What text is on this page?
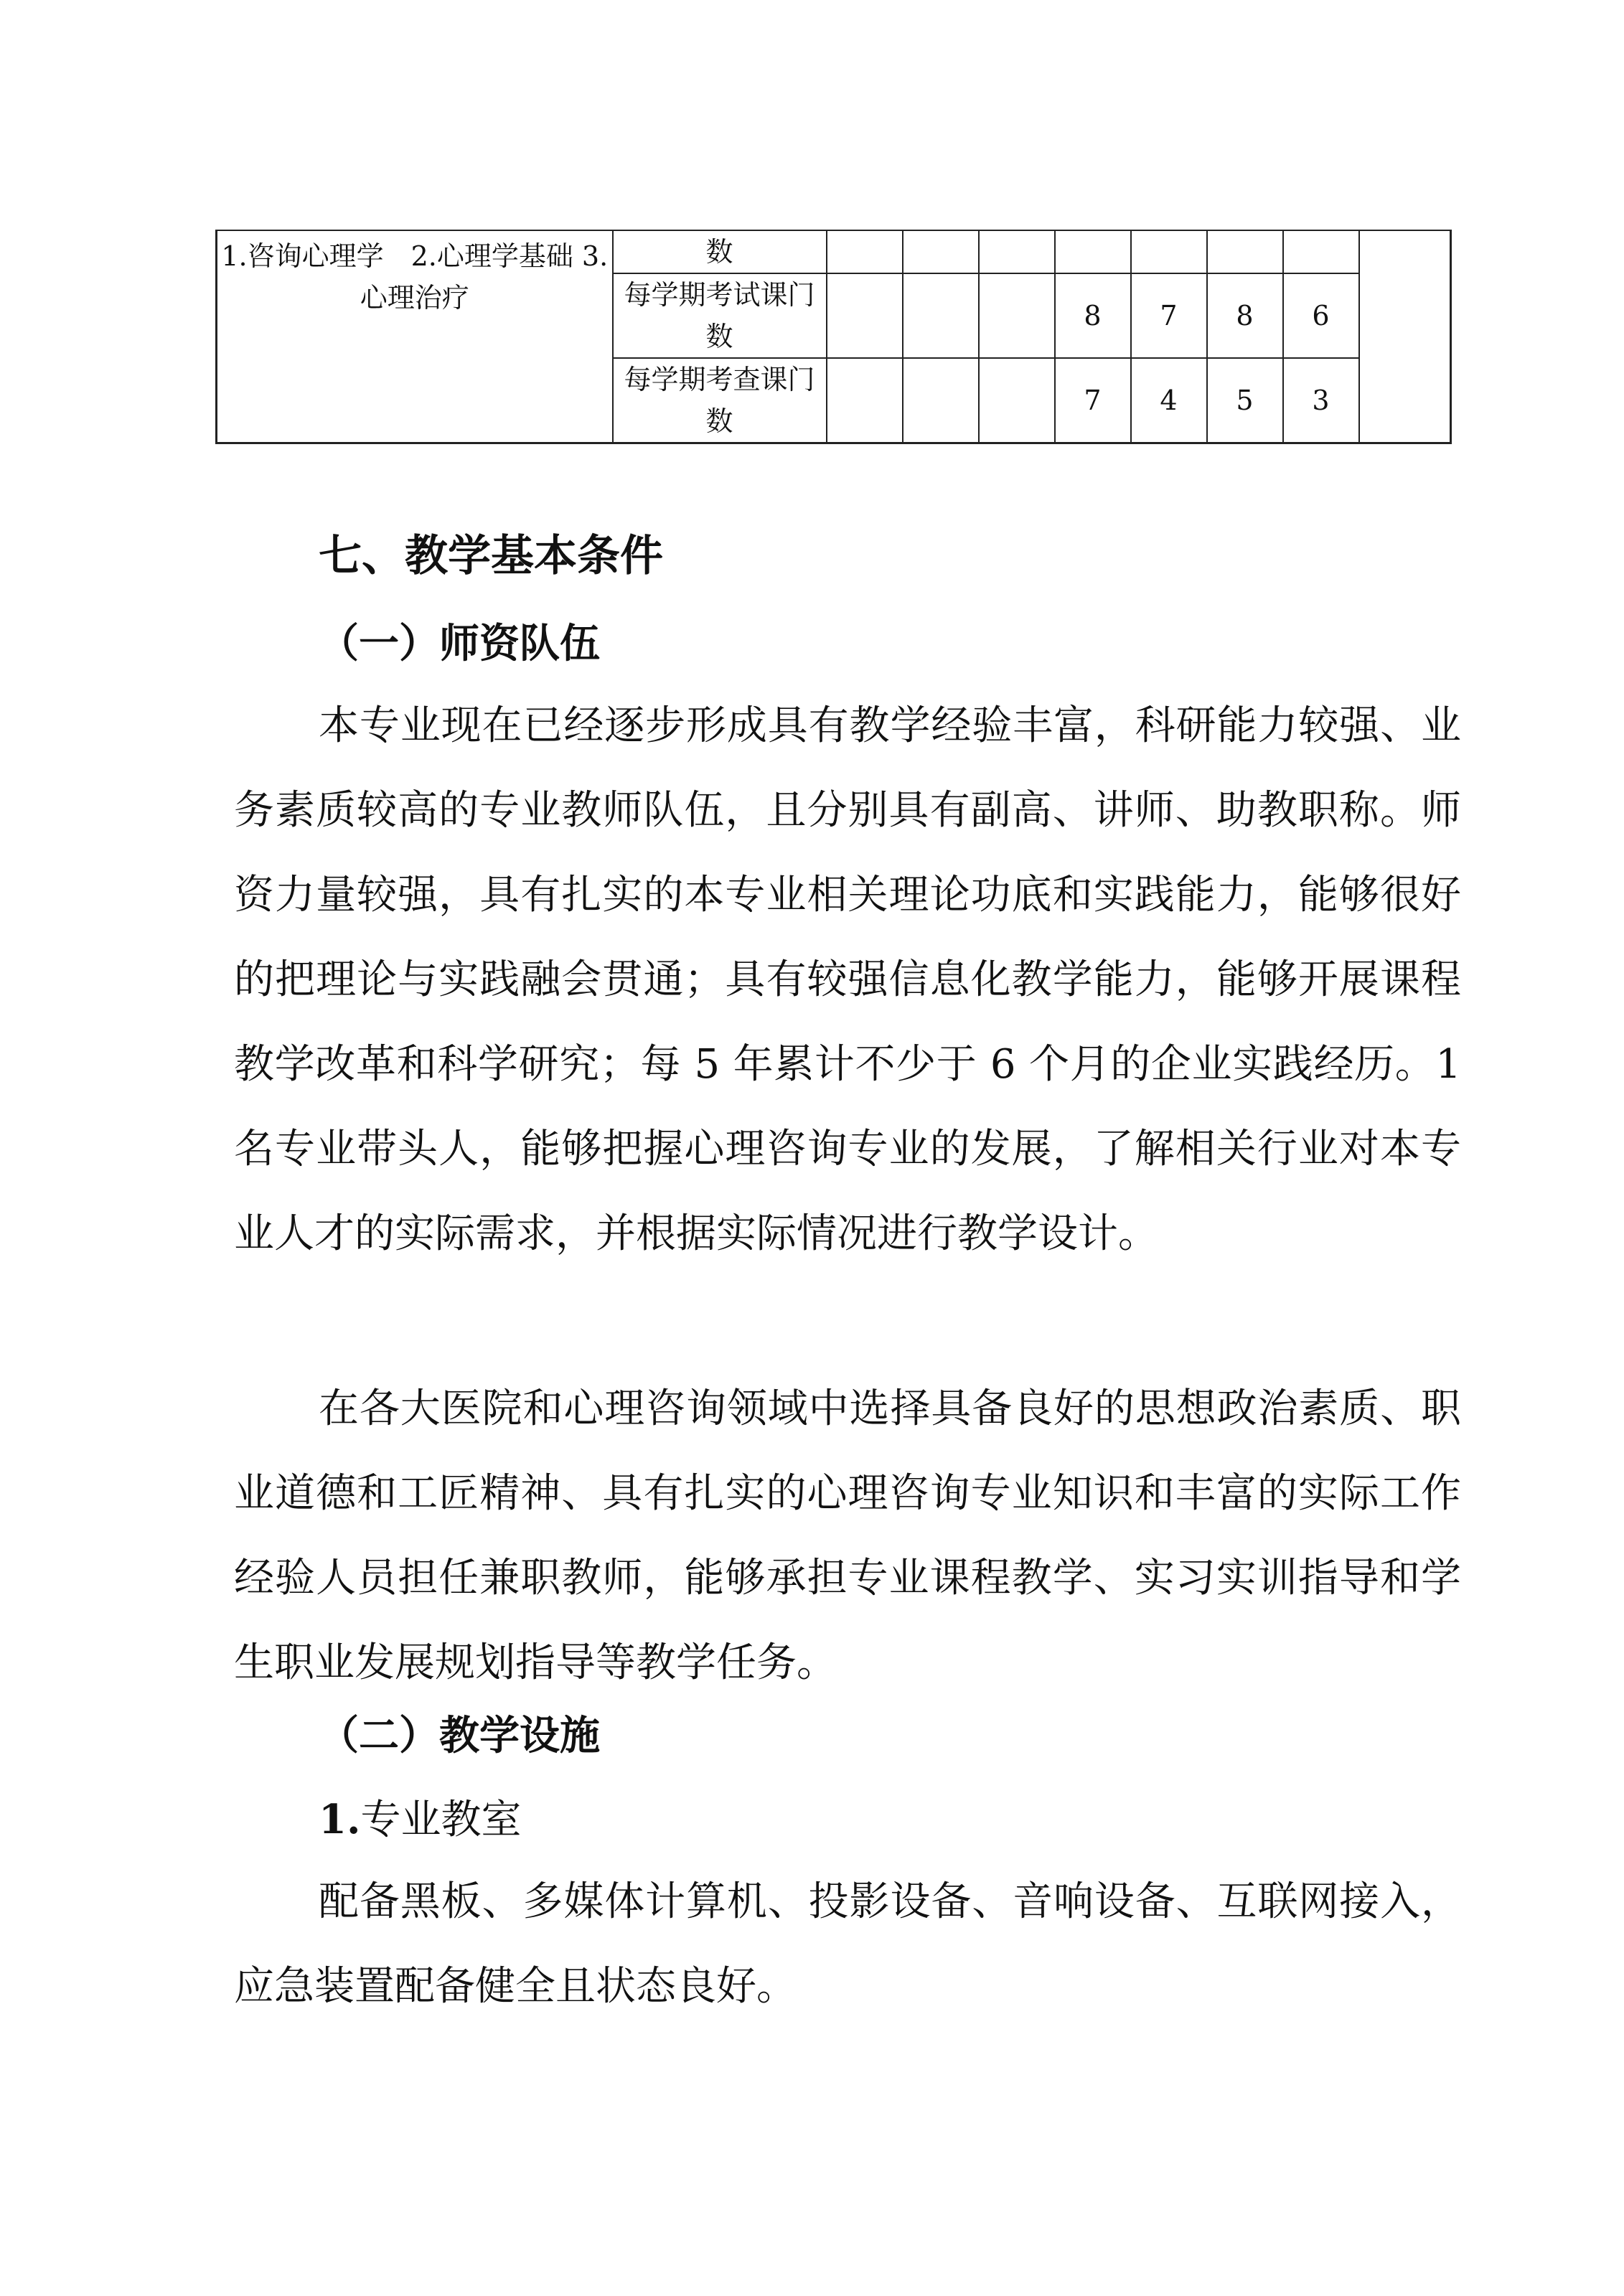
1.咨询心理学　2.心理学基础 3.心理治疗	数								
	每学期考试课门数				8	7	8	6	
	每学期考查课门数				7	4	5	3	
七、教学基本条件
（一）师资队伍

本专业现在已经逐步形成具有教学经验丰富，科研能力较强、业务素质较高的专业教师队伍，且分别具有副高、讲师、助教职称。师资力量较强，具有扎实的本专业相关理论功底和实践能力，能够很好的把理论与实践融会贯通；具有较强信息化教学能力，能够开展课程教学改革和科学研究；每 5 年累计不少于 6 个月的企业实践经历。1 名专业带头人，能够把握心理咨询专业的发展，了解相关行业对本专业人才的实际需求，并根据实际情况进行教学设计。

在各大医院和心理咨询领域中选择具备良好的思想政治素质、职业道德和工匠精神、具有扎实的心理咨询专业知识和丰富的实际工作经验人员担任兼职教师，能够承担专业课程教学、实习实训指导和学生职业发展规划指导等教学任务。

（二）教学设施

1.专业教室

配备黑板、多媒体计算机、投影设备、音响设备、互联网接入，应急装置配备健全且状态良好。
